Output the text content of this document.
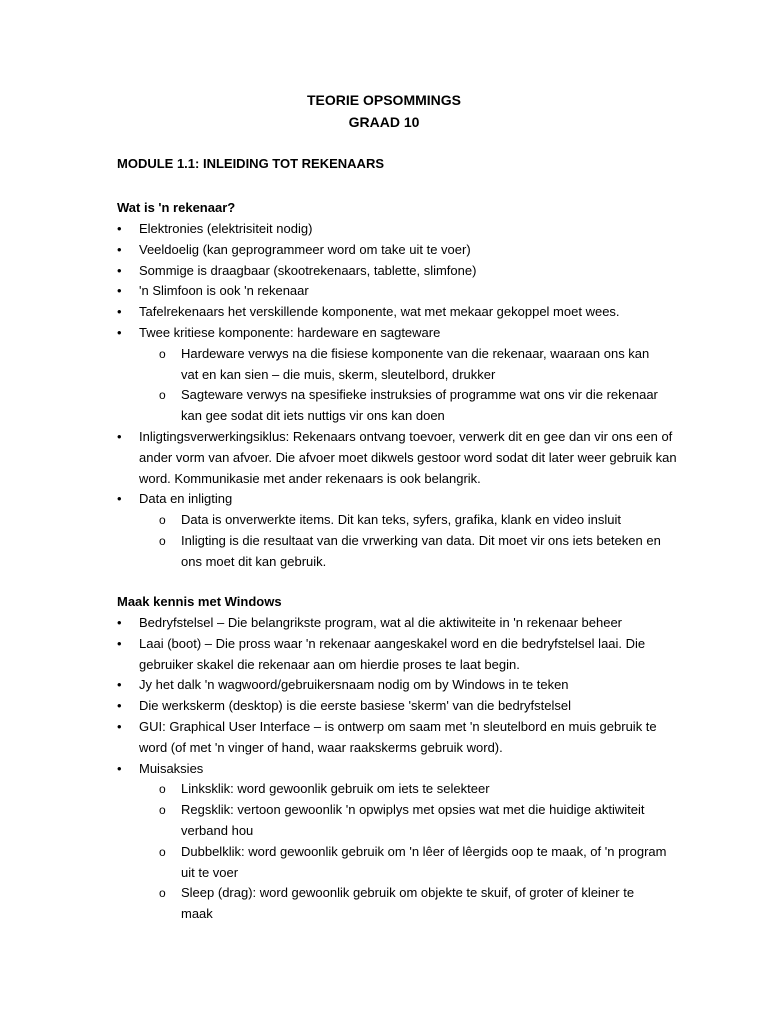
TEORIE OPSOMMINGS
GRAAD 10
MODULE 1.1: INLEIDING TOT REKENAARS
Wat is 'n rekenaar?
•	Elektronies (elektrisiteit nodig)
•	Veeldoelig (kan geprogrammeer word om take uit te voer)
•	Sommige is draagbaar (skootrekenaars, tablette, slimfone)
•	'n Slimfoon is ook 'n rekenaar
•	Tafelrekenaars het verskillende komponente, wat met mekaar gekoppel moet wees.
•	Twee kritiese komponente: hardeware en sagteware
o Hardeware verwys na die fisiese komponente van die rekenaar, waaraan ons kan vat en kan sien – die muis, skerm, sleutelbord, drukker
o Sagteware verwys na spesifieke instruksies of programme wat ons vir die rekenaar kan gee sodat dit iets nuttigs vir ons kan doen
•	Inligtingsverwerkingsiklus: Rekenaars ontvang toevoer, verwerk dit en gee dan vir ons een of ander vorm van afvoer. Die afvoer moet dikwels gestoor word sodat dit later weer gebruik kan word. Kommunikasie met ander rekenaars is ook belangrik.
•	Data en inligting
o Data is onverwerkte items. Dit kan teks, syfers, grafika, klank en video insluit
o Inligting is die resultaat van die vrwerking van data. Dit moet vir ons iets beteken en ons moet dit kan gebruik.
Maak kennis met Windows
•	Bedryfstelsel – Die belangrikste program, wat al die aktiwiteite in 'n rekenaar beheer
•	Laai (boot) – Die pross waar 'n rekenaar aangeskakel word en die bedryfstelsel laai. Die gebruiker skakel die rekenaar aan om hierdie proses te laat begin.
•	Jy het dalk 'n wagwoord/gebruikersnaam nodig om by Windows in te teken
•	Die werkskerm (desktop) is die eerste basiese 'skerm' van die bedryfstelsel
•	GUI: Graphical User Interface – is ontwerp om saam met 'n sleutelbord en muis gebruik te word (of met 'n vinger of hand, waar raakskerms gebruik word).
•	Muisaksies
o Linksklik: word gewoonlik gebruik om iets te selekteer
o Regsklik: vertoon gewoonlik 'n opwiplys met opsies wat met die huidige aktiwiteit verband hou
o Dubbelklik: word gewoonlik gebruik om 'n lêer of lêergids oop te maak, of 'n program uit te voer
o Sleep (drag): word gewoonlik gebruik om objekte te skuif, of groter of kleiner te maak
